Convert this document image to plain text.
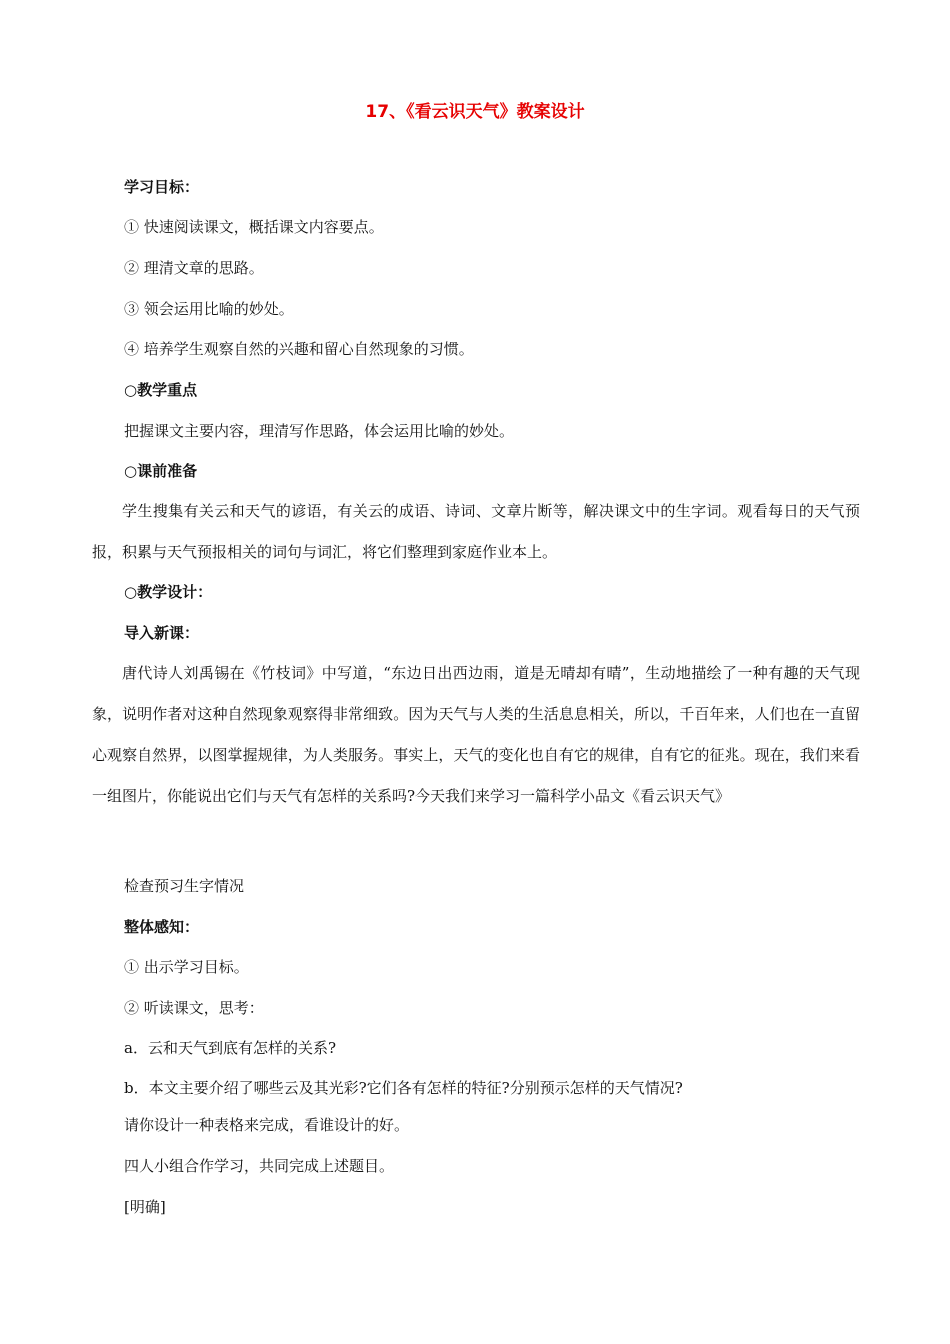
17、《看云识天气》教案设计

学习目标：

① 快速阅读课文，概括课文内容要点。

② 理清文章的思路。

③ 领会运用比喻的妙处。

④ 培养学生观察自然的兴趣和留心自然现象的习惯。

○教学重点

把握课文主要内容，理清写作思路，体会运用比喻的妙处。

○课前准备

学生搜集有关云和天气的谚语，有关云的成语、诗词、文章片断等，解决课文中的生字词。观看每日的天气预报，积累与天气预报相关的词句与词汇，将它们整理到家庭作业本上。

○教学设计：

导入新课：

唐代诗人刘禹锡在《竹枝词》中写道，“东边日出西边雨，道是无晴却有晴”，生动地描绘了一种有趣的天气现象，说明作者对这种自然现象观察得非常细致。因为天气与人类的生活息息相关，所以，千百年来，人们也在一直留心观察自然界，以图掌握规律，为人类服务。事实上，天气的变化也自有它的规律，自有它的征兆。现在，我们来看一组图片，你能说出它们与天气有怎样的关系吗?今天我们来学习一篇科学小品文《看云识天气》

检查预习生字情况

整体感知：

① 出示学习目标。

② 听读课文，思考：

a．云和天气到底有怎样的关系?

b．本文主要介绍了哪些云及其光彩?它们各有怎样的特征?分别预示怎样的天气情况?

请你设计一种表格来完成，看谁设计的好。

四人小组合作学习，共同完成上述题目。

[明确]
